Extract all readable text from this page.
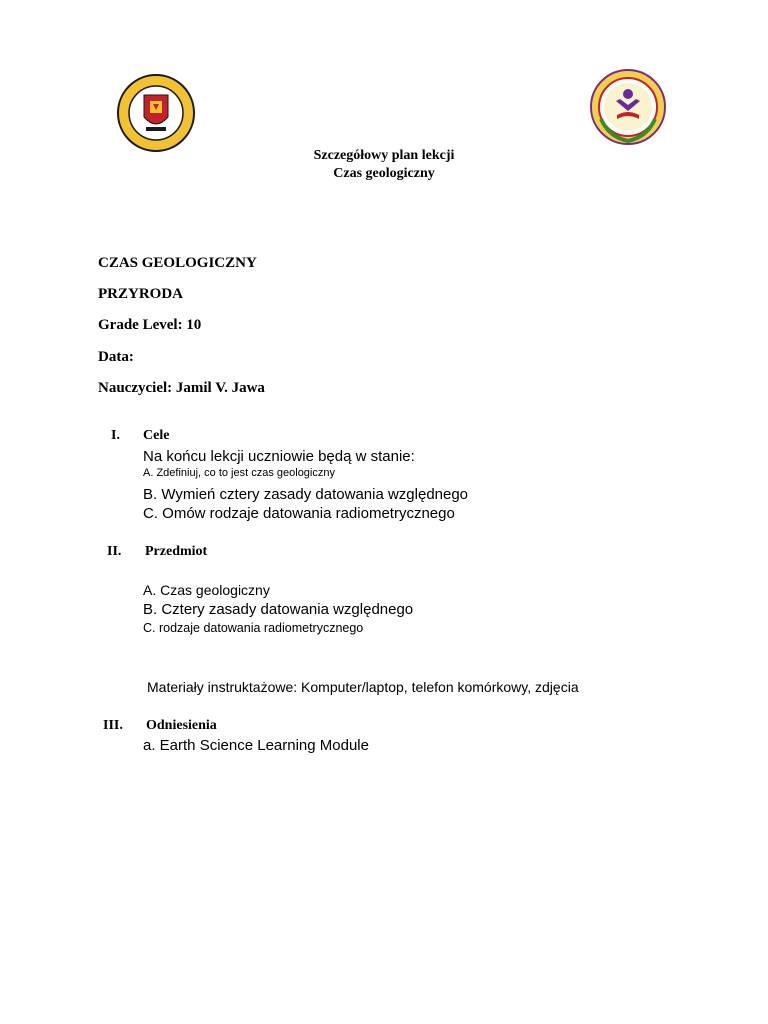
Szczegółowy plan lekcji
Czas geologiczny
CZAS GEOLOGICZNY
PRZYRODA
Grade Level: 10
Data:
Nauczyciel: Jamil V. Jawa
I. Cele
Na końcu lekcji uczniowie będą w stanie:
A. Zdefiniuj, co to jest czas geologiczny
B. Wymień cztery zasady datowania względnego
C. Omów rodzaje datowania radiometrycznego
II. Przedmiot
A. Czas geologiczny
B. Cztery zasady datowania względnego
C. rodzaje datowania radiometrycznego
Materiały instruktażowe: Komputer/laptop, telefon komórkowy, zdjęcia
III. Odniesienia
a. Earth Science Learning Module
